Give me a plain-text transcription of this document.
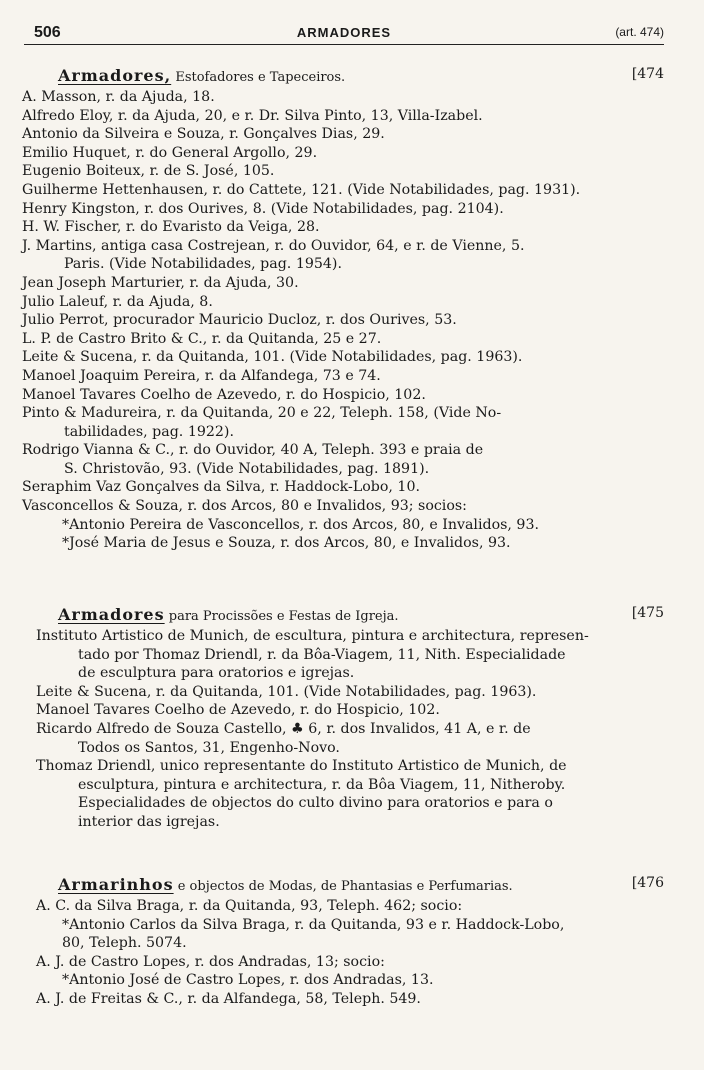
506	ARMADORES	(art. 474)
Armadores, Estofadores e Tapeceiros.	[474
A. Masson, r. da Ajuda, 18.
Alfredo Eloy, r. da Ajuda, 20, e r. Dr. Silva Pinto, 13, Villa-Izabel.
Antonio da Silveira e Souza, r. Gonçalves Dias, 29.
Emilio Huquet, r. do General Argollo, 29.
Eugenio Boiteux, r. de S. José, 105.
Guilherme Hettenhausen, r. do Cattete, 121. (Vide Notabilidades, pag. 1931).
Henry Kingston, r. dos Ourives, 8. (Vide Notabilidades, pag. 2104).
H. W. Fischer, r. do Evaristo da Veiga, 28.
J. Martins, antiga casa Costrejean, r. do Ouvidor, 64, e r. de Vienne, 5.
Paris. (Vide Notabilidades, pag. 1954).
Jean Joseph Marturier, r. da Ajuda, 30.
Julio Laleuf, r. da Ajuda, 8.
Julio Perrot, procurador Mauricio Ducloz, r. dos Ourives, 53.
L. P. de Castro Brito & C., r. da Quitanda, 25 e 27.
Leite & Sucena, r. da Quitanda, 101. (Vide Notabilidades, pag. 1963).
Manoel Joaquim Pereira, r. da Alfandega, 73 e 74.
Manoel Tavares Coelho de Azevedo, r. do Hospicio, 102.
Pinto & Madureira, r. da Quitanda, 20 e 22, Teleph. 158, (Vide No-
tabilidades, pag. 1922).
Rodrigo Vianna & C., r. do Ouvidor, 40 A, Teleph. 393 e praia de
S. Christovão, 93. (Vide Notabilidades, pag. 1891).
Seraphim Vaz Gonçalves da Silva, r. Haddock-Lobo, 10.
Vasconcellos & Souza, r. dos Arcos, 80 e Invalidos, 93; socios:
*Antonio Pereira de Vasconcellos, r. dos Arcos, 80, e Invalidos, 93.
*José Maria de Jesus e Souza, r. dos Arcos, 80, e Invalidos, 93.
Armadores para Procissões e Festas de Igreja.	[475
Instituto Artistico de Munich, de escultura, pintura e architectura, represen-
tado por Thomaz Driendl, r. da Bôa-Viagem, 11, Nith. Especialidade
de esculptura para oratorios e igrejas.
Leite & Sucena, r. da Quitanda, 101. (Vide Notabilidades, pag. 1963).
Manoel Tavares Coelho de Azevedo, r. do Hospicio, 102.
Ricardo Alfredo de Souza Castello, ♣ 6, r. dos Invalidos, 41 A, e r. de
Todos os Santos, 31, Engenho-Novo.
Thomaz Driendl, unico representante do Instituto Artistico de Munich, de
esculptura, pintura e architectura, r. da Bôa Viagem, 11, Nitheroby.
Especialidades de objectos do culto divino para oratorios e para o
interior das igrejas.
Armarinhos e objectos de Modas, de Phantasias e Perfumarias.	[476
A. C. da Silva Braga, r. da Quitanda, 93, Teleph. 462; socio:
*Antonio Carlos da Silva Braga, r. da Quitanda, 93 e r. Haddock-Lobo,
80, Teleph. 5074.
A. J. de Castro Lopes, r. dos Andradas, 13; socio:
*Antonio José de Castro Lopes, r. dos Andradas, 13.
A. J. de Freitas & C., r. da Alfandega, 58, Teleph. 549.
